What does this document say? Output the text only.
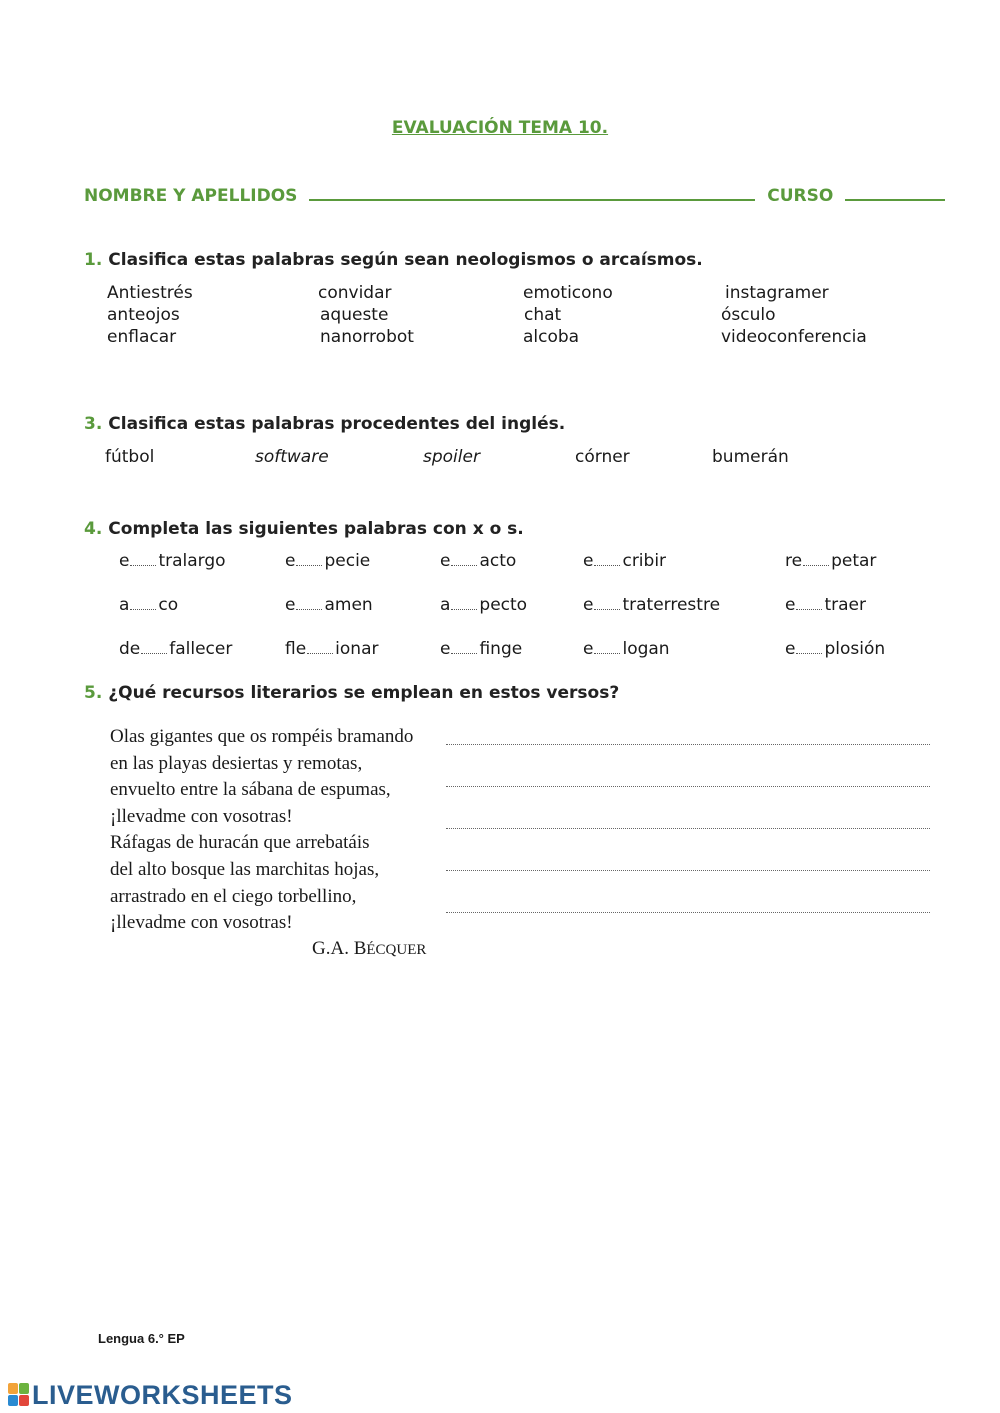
EVALUACIÓN TEMA 10.
NOMBRE Y APELLIDOS	CURSO
1. Clasifica estas palabras según sean neologismos o arcaísmos.
Antiestrés	convidar	emoticono	instagramer
anteojos	aqueste	chat	ósculo
enflacar	nanorrobot	alcoba	videoconferencia
3. Clasifica estas palabras procedentes del inglés.
fútbol	software	spoiler	córner	bumerán
4. Completa las siguientes palabras con x o s.
e tralargo	e pecie	e acto	e cribir	re petar
a co	e amen	a pecto	e traterrestre	e traer
de fallecer	fle ionar	e finge	e logan	e plosión
5. ¿Qué recursos literarios se emplean en estos versos?
Olas gigantes que os rompéis bramando
en las playas desiertas y remotas,
envuelto entre la sábana de espumas,
¡llevadme con vosotras!
Ráfagas de huracán que arrebatáis
del alto bosque las marchitas hojas,
arrastrado en el ciego torbellino,
¡llevadme con vosotras!
G.A. BÉCQUER
Lengua 6.° EP
LIVEWORKSHEETS
